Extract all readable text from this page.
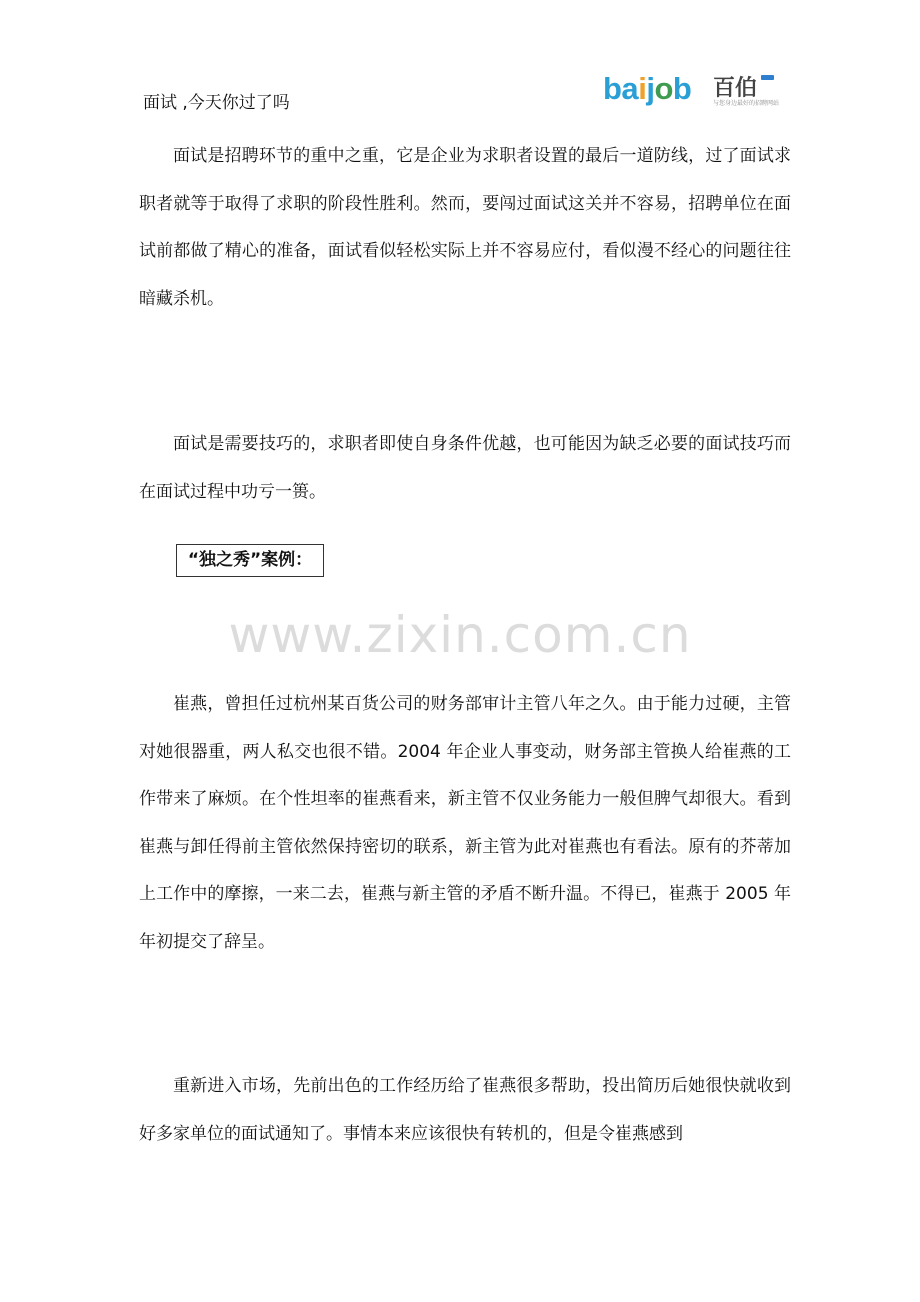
面试 ,今天你过了吗	baijob 百伯
与您身边最好的招聘网站

面试是招聘环节的重中之重，它是企业为求职者设置的最后一道防线，过了面试求职者就等于取得了求职的阶段性胜利。然而，要闯过面试这关并不容易，招聘单位在面试前都做了精心的准备，面试看似轻松实际上并不容易应付，看似漫不经心的问题往往暗藏杀机。

面试是需要技巧的，求职者即使自身条件优越，也可能因为缺乏必要的面试技巧而在面试过程中功亏一篑。

“独之秀”案例：
www.zixin.com.cn

崔燕，曾担任过杭州某百货公司的财务部审计主管八年之久。由于能力过硬，主管对她很器重，两人私交也很不错。2004 年企业人事变动，财务部主管换人给崔燕的工作带来了麻烦。在个性坦率的崔燕看来，新主管不仅业务能力一般但脾气却很大。看到崔燕与卸任得前主管依然保持密切的联系，新主管为此对崔燕也有看法。原有的芥蒂加上工作中的摩擦，一来二去，崔燕与新主管的矛盾不断升温。不得已，崔燕于 2005 年年初提交了辞呈。

重新进入市场，先前出色的工作经历给了崔燕很多帮助，投出简历后她很快就收到好多家单位的面试通知了。事情本来应该很快有转机的，但是令崔燕感到
